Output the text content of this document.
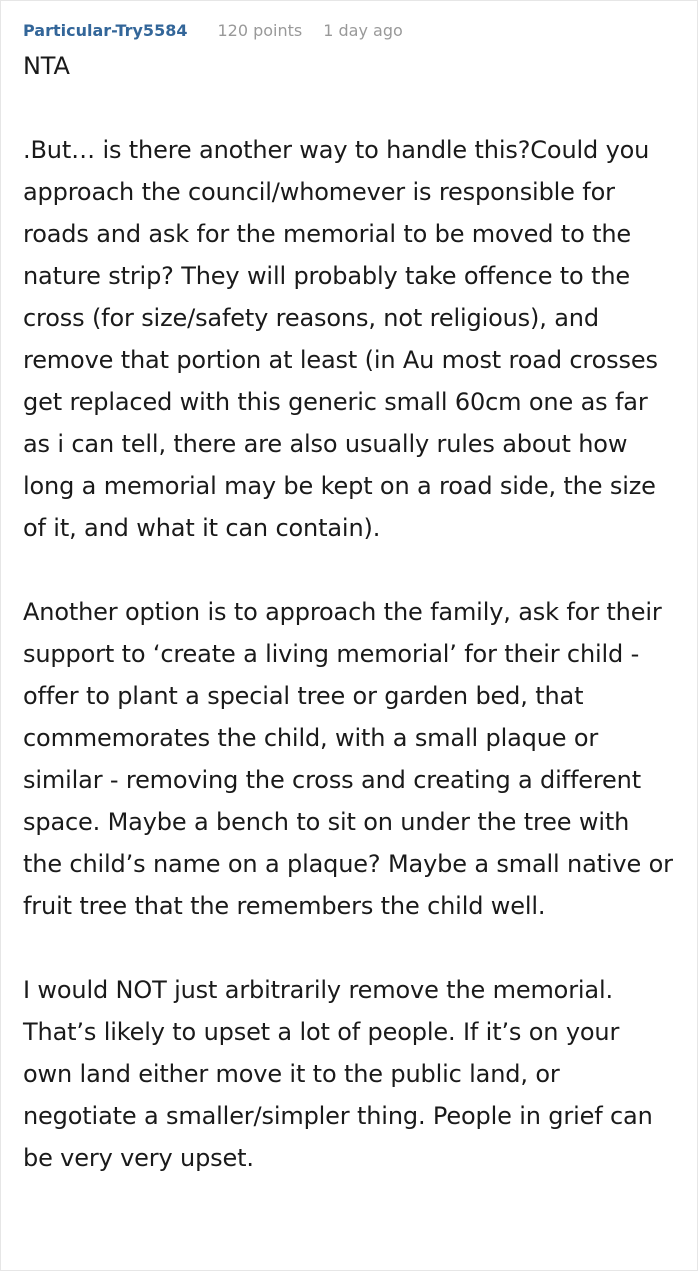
Particular-Try5584 120 points 1 day ago

NTA

.But… is there another way to handle this?Could you approach the council/whomever is responsible for roads and ask for the memorial to be moved to the nature strip? They will probably take offence to the cross (for size/safety reasons, not religious), and remove that portion at least (in Au most road crosses get replaced with this generic small 60cm one as far as i can tell, there are also usually rules about how long a memorial may be kept on a road side, the size of it, and what it can contain).

Another option is to approach the family, ask for their support to ‘create a living memorial’ for their child - offer to plant a special tree or garden bed, that commemorates the child, with a small plaque or similar - removing the cross and creating a different space. Maybe a bench to sit on under the tree with the child’s name on a plaque? Maybe a small native or fruit tree that the remembers the child well.

I would NOT just arbitrarily remove the memorial. That’s likely to upset a lot of people. If it’s on your own land either move it to the public land, or negotiate a smaller/simpler thing. People in grief can be very very upset.
